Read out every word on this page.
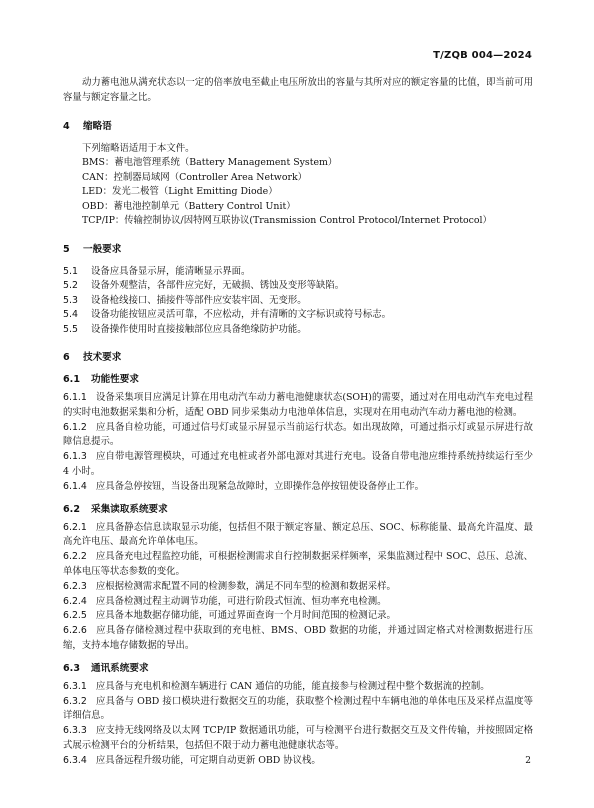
T/ZQB 004—2024

动力蓄电池从满充状态以一定的倍率放电至截止电压所放出的容量与其所对应的额定容量的比值，即当前可用容量与额定容量之比。

4 缩略语

下列缩略语适用于本文件。

BMS：蓄电池管理系统（Battery Management System）

CAN：控制器局域网（Controller Area Network）

LED：发光二极管（Light Emitting Diode）

OBD：蓄电池控制单元（Battery Control Unit）

TCP/IP：传输控制协议/因特网互联协议(Transmission Control Protocol/Internet Protocol）

5 一般要求

5.1 设备应具备显示屏，能清晰显示界面。

5.2 设备外观整洁，各部件应完好，无破损、锈蚀及变形等缺陷。

5.3 设备枪线接口、插接件等部件应安装牢固、无变形。

5.4 设备功能按钮应灵活可靠，不应松动，并有清晰的文字标识或符号标志。

5.5 设备操作使用时直接接触部位应具备绝缘防护功能。

6 技术要求
6.1 功能性要求

6.1.1 设备采集项目应满足计算在用电动汽车动力蓄电池健康状态(SOH)的需要，通过对在用电动汽车充电过程的实时电池数据采集和分析，适配 OBD 同步采集动力电池单体信息，实现对在用电动汽车动力蓄电池的检测。

6.1.2 应具备自检功能，可通过信号灯或显示屏显示当前运行状态。如出现故障，可通过指示灯或显示屏进行故障信息提示。

6.1.3 应自带电源管理模块，可通过充电桩或者外部电源对其进行充电。设备自带电池应维持系统持续运行至少 4 小时。

6.1.4 应具备急停按钮，当设备出现紧急故障时，立即操作急停按钮使设备停止工作。

6.2 采集读取系统要求

6.2.1 应具备静态信息读取显示功能，包括但不限于额定容量、额定总压、SOC、标称能量、最高允许温度、最高允许电压、最高允许单体电压。

6.2.2 应具备充电过程监控功能，可根据检测需求自行控制数据采样频率，采集监测过程中 SOC、总压、总流、单体电压等状态参数的变化。

6.2.3 应根据检测需求配置不同的检测参数，满足不同车型的检测和数据采样。

6.2.4 应具备检测过程主动调节功能，可进行阶段式恒流、恒功率充电检测。

6.2.5 应具备本地数据存储功能，可通过界面查询一个月时间范围的检测记录。

6.2.6 应具备存储检测过程中获取到的充电桩、BMS、OBD 数据的功能，并通过固定格式对检测数据进行压缩，支持本地存储数据的导出。

6.3 通讯系统要求

6.3.1 应具备与充电机和检测车辆进行 CAN 通信的功能，能直接参与检测过程中整个数据流的控制。

6.3.2 应具备与 OBD 接口模块进行数据交互的功能，获取整个检测过程中车辆电池的单体电压及采样点温度等详细信息。

6.3.3 应支持无线网络及以太网 TCP/IP 数据通讯功能，可与检测平台进行数据交互及文件传输，并按照固定格式展示检测平台的分析结果，包括但不限于动力蓄电池健康状态等。

6.3.4 应具备远程升级功能，可定期自动更新 OBD 协议栈。	2
